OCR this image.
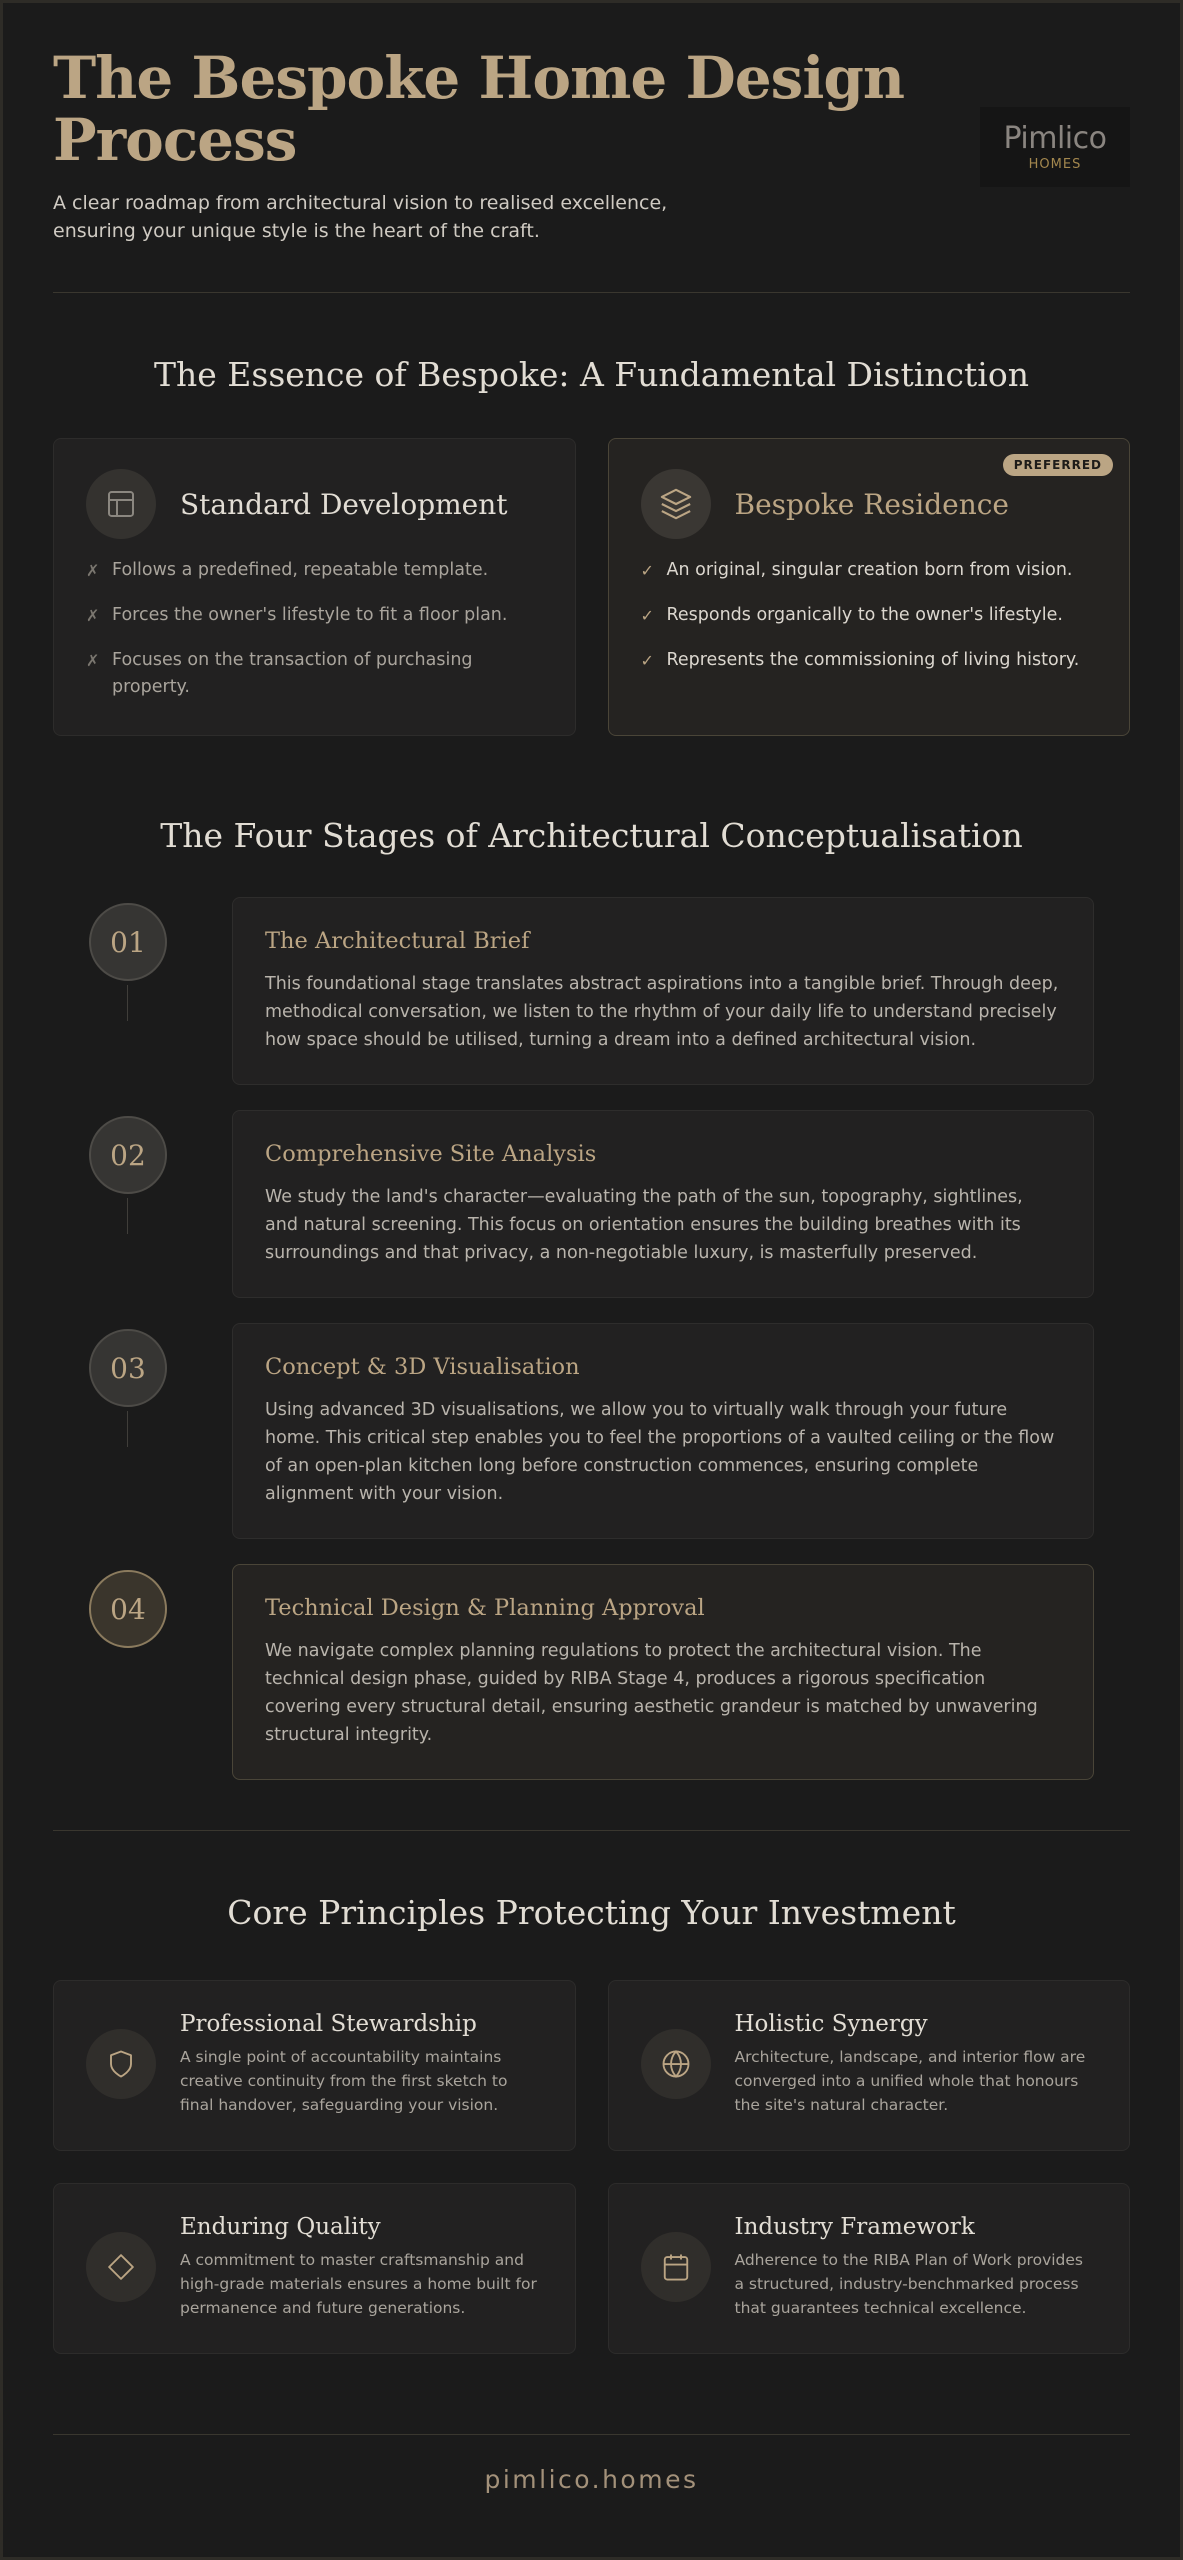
The Bespoke Home Design
Process

A clear roadmap from architectural vision to realised excellence,
ensuring your unique style is the heart of the craft.

Pimlico
HOMES
The Essence of Bespoke: A Fundamental Distinction
Standard Development
✗ Follows a predefined, repeatable template.
✗ Forces the owner's lifestyle to fit a floor plan.
✗ Focuses on the transaction of purchasing property.
PREFERRED
Bespoke Residence
✓ An original, singular creation born from vision.
✓ Responds organically to the owner's lifestyle.
✓ Represents the commissioning of living history.
The Four Stages of Architectural Conceptualisation
01	The Architectural Brief

This foundational stage translates abstract aspirations into a tangible brief. Through deep, methodical conversation, we listen to the rhythm of your daily life to understand precisely how space should be utilised, turning a dream into a defined architectural vision.

02	Comprehensive Site Analysis

We study the land's character—evaluating the path of the sun, topography, sightlines, and natural screening. This focus on orientation ensures the building breathes with its surroundings and that privacy, a non-negotiable luxury, is masterfully preserved.

03	Concept & 3D Visualisation

Using advanced 3D visualisations, we allow you to virtually walk through your future home. This critical step enables you to feel the proportions of a vaulted ceiling or the flow of an open-plan kitchen long before construction commences, ensuring complete alignment with your vision.

04	Technical Design & Planning Approval

We navigate complex planning regulations to protect the architectural vision. The technical design phase, guided by RIBA Stage 4, produces a rigorous specification covering every structural detail, ensuring aesthetic grandeur is matched by unwavering structural integrity.

Core Principles Protecting Your Investment
Professional Stewardship

A single point of accountability maintains creative continuity from the first sketch to final handover, safeguarding your vision.

Holistic Synergy

Architecture, landscape, and interior flow are converged into a unified whole that honours the site's natural character.

Enduring Quality

A commitment to master craftsmanship and high-grade materials ensures a home built for permanence and future generations.

Industry Framework

Adherence to the RIBA Plan of Work provides a structured, industry-benchmarked process that guarantees technical excellence.

pimlico.homes
